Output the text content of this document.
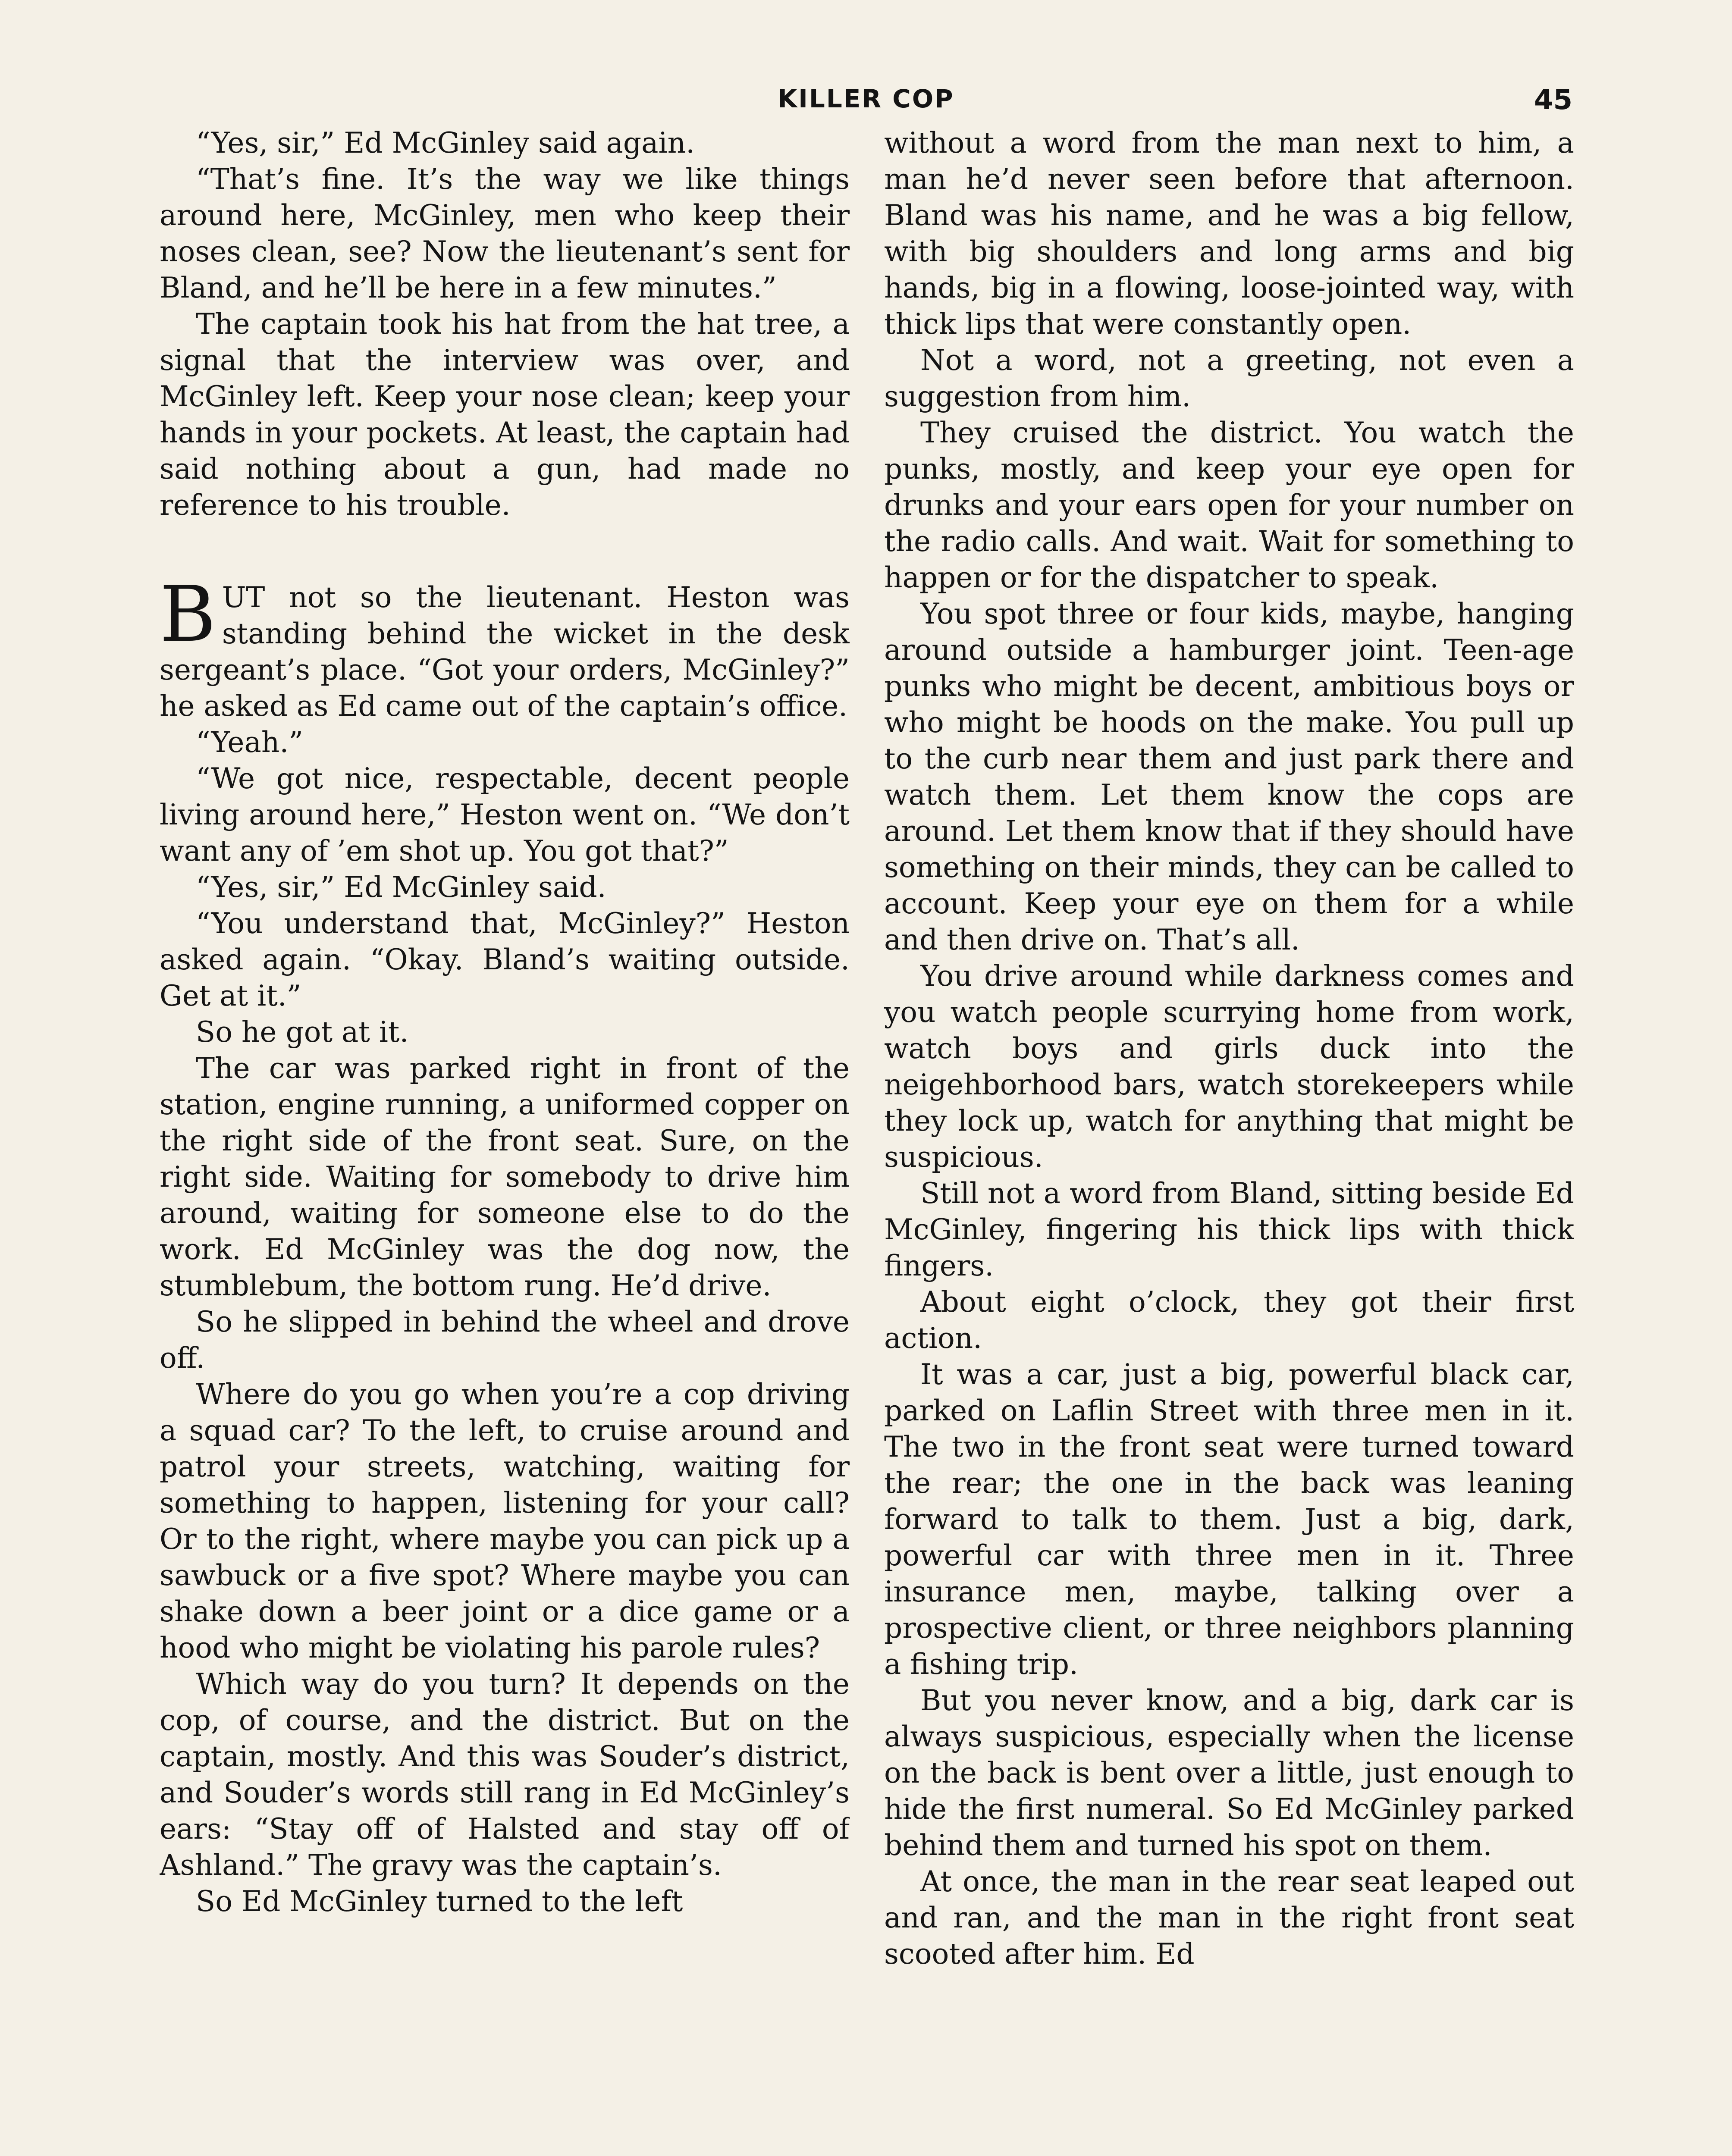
KILLER COP	45

“Yes, sir,” Ed McGinley said again.

“That’s fine. It’s the way we like things around here, McGinley, men who keep their noses clean, see? Now the lieutenant’s sent for Bland, and he’ll be here in a few minutes.”

The captain took his hat from the hat tree, a signal that the interview was over, and McGinley left. Keep your nose clean; keep your hands in your pockets. At least, the captain had said nothing about a gun, had made no reference to his trouble.

BUT not so the lieutenant. Heston was standing behind the wicket in the desk sergeant’s place. “Got your orders, McGinley?” he asked as Ed came out of the captain’s office.

“Yeah.”

“We got nice, respectable, decent people living around here,” Heston went on. “We don’t want any of ’em shot up. You got that?”

“Yes, sir,” Ed McGinley said.

“You understand that, McGinley?” Heston asked again. “Okay. Bland’s waiting outside. Get at it.”

So he got at it.

The car was parked right in front of the station, engine running, a uniformed copper on the right side of the front seat. Sure, on the right side. Waiting for somebody to drive him around, waiting for someone else to do the work. Ed McGinley was the dog now, the stumblebum, the bottom rung. He’d drive.

So he slipped in behind the wheel and drove off.

Where do you go when you’re a cop driving a squad car? To the left, to cruise around and patrol your streets, watching, waiting for something to happen, listening for your call? Or to the right, where maybe you can pick up a sawbuck or a five spot? Where maybe you can shake down a beer joint or a dice game or a hood who might be violating his parole rules?

Which way do you turn? It depends on the cop, of course, and the district. But on the captain, mostly. And this was Souder’s district, and Souder’s words still rang in Ed McGinley’s ears: “Stay off of Halsted and stay off of Ashland.” The gravy was the captain’s.

So Ed McGinley turned to the left

without a word from the man next to him, a man he’d never seen before that afternoon. Bland was his name, and he was a big fellow, with big shoulders and long arms and big hands, big in a flowing, loose-jointed way, with thick lips that were constantly open.

Not a word, not a greeting, not even a suggestion from him.

They cruised the district. You watch the punks, mostly, and keep your eye open for drunks and your ears open for your number on the radio calls. And wait. Wait for something to happen or for the dispatcher to speak.

You spot three or four kids, maybe, hanging around outside a hamburger joint. Teen-age punks who might be decent, ambitious boys or who might be hoods on the make. You pull up to the curb near them and just park there and watch them. Let them know the cops are around. Let them know that if they should have something on their minds, they can be called to account. Keep your eye on them for a while and then drive on. That’s all.

You drive around while darkness comes and you watch people scurrying home from work, watch boys and girls duck into the neigehborhood bars, watch storekeepers while they lock up, watch for anything that might be suspicious.

Still not a word from Bland, sitting beside Ed McGinley, fingering his thick lips with thick fingers.

About eight o’clock, they got their first action.

It was a car, just a big, powerful black car, parked on Laflin Street with three men in it. The two in the front seat were turned toward the rear; the one in the back was leaning forward to talk to them. Just a big, dark, powerful car with three men in it. Three insurance men, maybe, talking over a prospective client, or three neighbors planning a fishing trip.

But you never know, and a big, dark car is always suspicious, especially when the license on the back is bent over a little, just enough to hide the first numeral. So Ed McGinley parked behind them and turned his spot on them.

At once, the man in the rear seat leaped out and ran, and the man in the right front seat scooted after him. Ed
